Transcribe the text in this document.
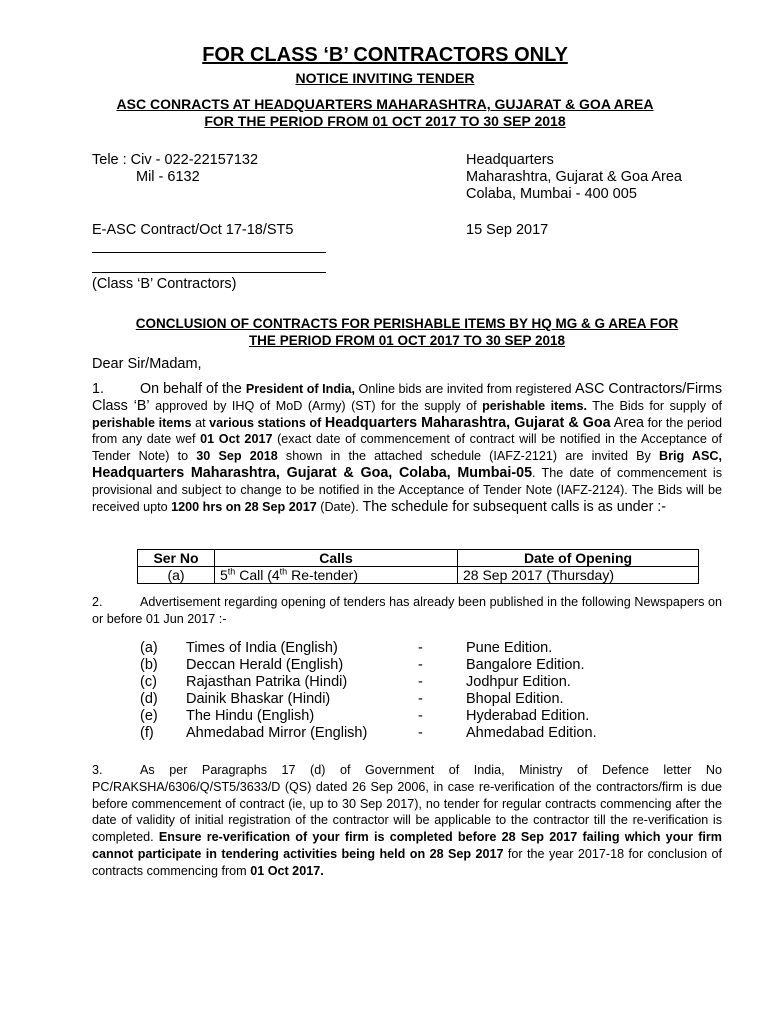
FOR CLASS ‘B’ CONTRACTORS ONLY
NOTICE INVITING TENDER
ASC CONRACTS AT HEADQUARTERS MAHARASHTRA, GUJARAT & GOA AREA
FOR THE PERIOD FROM 01 OCT 2017 TO 30 SEP 2018
Tele : Civ - 022-22157132
Mil - 6132
Headquarters
Maharashtra, Gujarat & Goa Area
Colaba, Mumbai - 400 005
E-ASC Contract/Oct 17-18/ST5	15 Sep 2017
(Class ‘B’ Contractors)
CONCLUSION OF CONTRACTS FOR PERISHABLE ITEMS BY HQ MG & G AREA FOR
THE PERIOD FROM 01 OCT 2017 TO 30 SEP 2018
Dear Sir/Madam,
1.	On behalf of the President of India, Online bids are invited from registered ASC Contractors/Firms Class ‘B’ approved by IHQ of MoD (Army) (ST) for the supply of perishable items. The Bids for supply of perishable items at various stations of Headquarters Maharashtra, Gujarat & Goa Area for the period from any date wef 01 Oct 2017 (exact date of commencement of contract will be notified in the Acceptance of Tender Note) to 30 Sep 2018 shown in the attached schedule (IAFZ-2121) are invited By Brig ASC, Headquarters Maharashtra, Gujarat & Goa, Colaba, Mumbai-05. The date of commencement is provisional and subject to change to be notified in the Acceptance of Tender Note (IAFZ-2124). The Bids will be received upto 1200 hrs on 28 Sep 2017 (Date). The schedule for subsequent calls is as under :-
Ser No	Calls	Date of Opening
(a)	5th Call (4th Re-tender)	28 Sep 2017 (Thursday)
2.	Advertisement regarding opening of tenders has already been published in the following Newspapers on or before 01 Jun 2017 :-
(a) Times of India (English)	-	Pune Edition.
(b) Deccan Herald (English)	-	Bangalore Edition.
(c) Rajasthan Patrika (Hindi)	-	Jodhpur Edition.
(d) Dainik Bhaskar (Hindi)	-	Bhopal Edition.
(e) The Hindu (English)	-	Hyderabad Edition.
(f) Ahmedabad Mirror (English)	-	Ahmedabad Edition.
3.	As per Paragraphs 17 (d) of Government of India, Ministry of Defence letter No PC/RAKSHA/6306/Q/ST5/3633/D (QS) dated 26 Sep 2006, in case re-verification of the contractors/firm is due before commencement of contract (ie, up to 30 Sep 2017), no tender for regular contracts commencing after the date of validity of initial registration of the contractor will be applicable to the contractor till the re-verification is completed. Ensure re-verification of your firm is completed before 28 Sep 2017 failing which your firm cannot participate in tendering activities being held on 28 Sep 2017 for the year 2017-18 for conclusion of contracts commencing from 01 Oct 2017.
